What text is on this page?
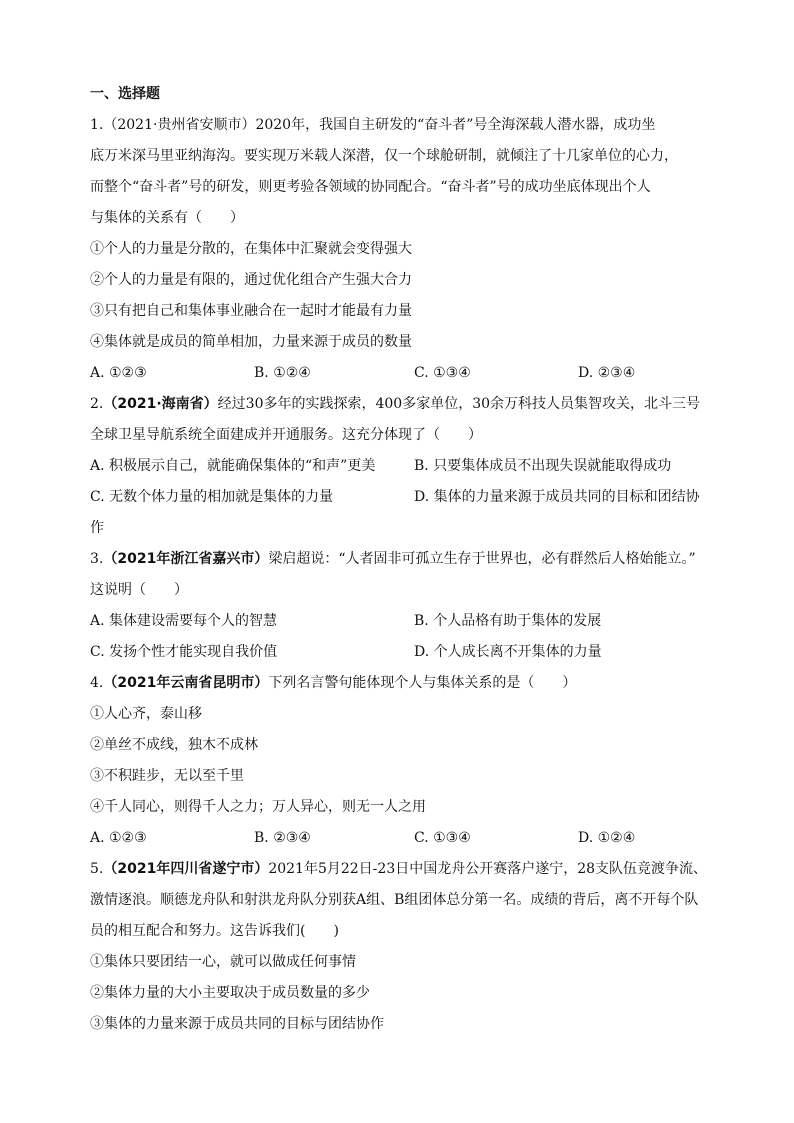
一、选择题
1.（2021·贵州省安顺市）2020年，我国自主研发的“奋斗者”号全海深载人潜水器，成功坐
底万米深马里亚纳海沟。要实现万米载人深潜，仅一个球舱研制，就倾注了十几家单位的心力，
而整个“奋斗者”号的研发，则更考验各领域的协同配合。“奋斗者”号的成功坐底体现出个人
与集体的关系有（　　）
①个人的力量是分散的，在集体中汇聚就会变得强大
②个人的力量是有限的，通过优化组合产生强大合力
③只有把自己和集体事业融合在一起时才能最有力量
④集体就是成员的简单相加，力量来源于成员的数量
A. ①②③	B. ①②④	C. ①③④	D. ②③④
2.（2021·海南省）经过30多年的实践探索，400多家单位，30余万科技人员集智攻关，北斗三号
全球卫星导航系统全面建成并开通服务。这充分体现了（　　）
A. 积极展示自己，就能确保集体的“和声”更美	B. 只要集体成员不出现失误就能取得成功
C. 无数个体力量的相加就是集体的力量	D. 集体的力量来源于成员共同的目标和团结协
作
3.（2021年浙江省嘉兴市）梁启超说：“人者固非可孤立生存于世界也，必有群然后人格始能立。”
这说明（　　）
A. 集体建设需要每个人的智慧	B. 个人品格有助于集体的发展
C. 发扬个性才能实现自我价值	D. 个人成长离不开集体的力量
4.（2021年云南省昆明市）下列名言警句能体现个人与集体关系的是（　　）
①人心齐，泰山移
②单丝不成线，独木不成林
③不积跬步，无以至千里
④千人同心，则得千人之力；万人异心，则无一人之用
A. ①②③	B. ②③④	C. ①③④	D. ①②④
5.（2021年四川省遂宁市）2021年5月22日-23日中国龙舟公开赛落户遂宁，28支队伍竞渡争流、
激情逐浪。顺德龙舟队和射洪龙舟队分别获A组、B组团体总分第一名。成绩的背后，离不开每个队
员的相互配合和努力。这告诉我们(　　)
①集体只要团结一心，就可以做成任何事情
②集体力量的大小主要取决于成员数量的多少
③集体的力量来源于成员共同的目标与团结协作
